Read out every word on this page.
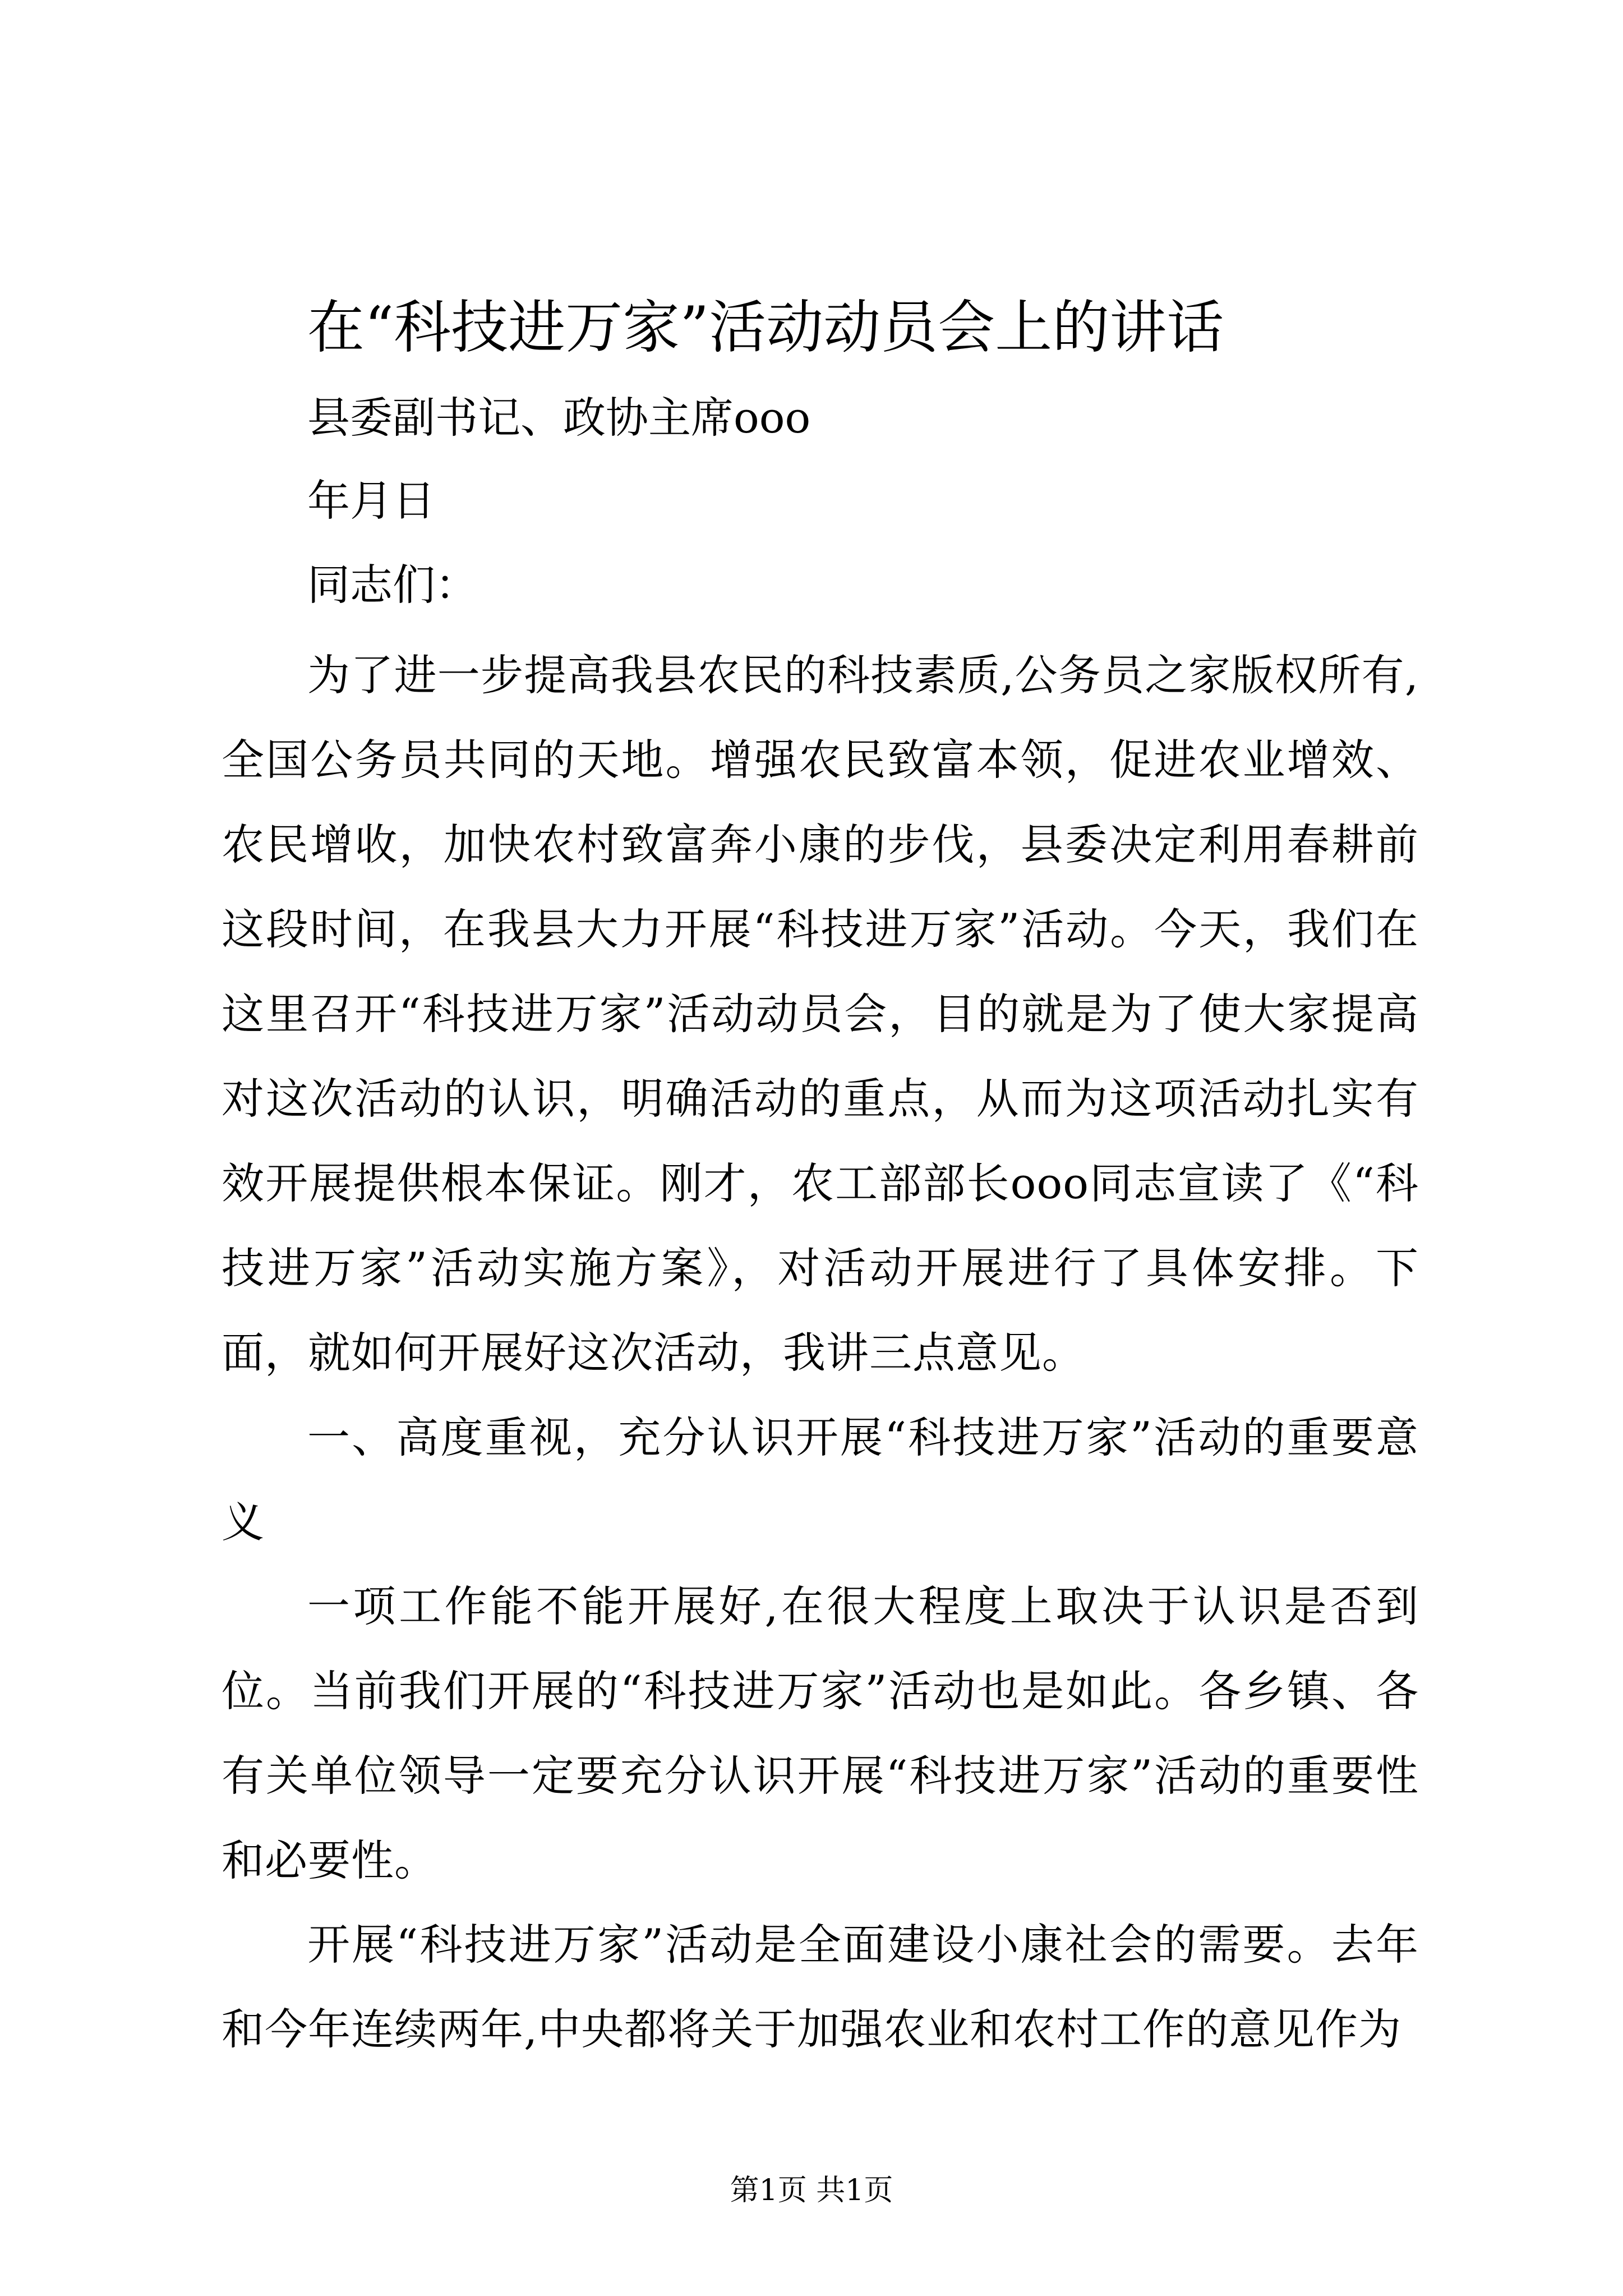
在“科技进万家”活动动员会上的讲话

县委副书记、政协主席ooo

年月日

同志们：

为了进一步提高我县农民的科技素质,公务员之家版权所有,全国公务员共同的天地。增强农民致富本领，促进农业增效、农民增收，加快农村致富奔小康的步伐，县委决定利用春耕前这段时间，在我县大力开展“科技进万家”活动。今天，我们在这里召开“科技进万家”活动动员会，目的就是为了使大家提高对这次活动的认识，明确活动的重点，从而为这项活动扎实有效开展提供根本保证。刚才，农工部部长ooo同志宣读了《“科技进万家”活动实施方案》，对活动开展进行了具体安排。下面，就如何开展好这次活动，我讲三点意见。

一、高度重视，充分认识开展“科技进万家”活动的重要意义

一项工作能不能开展好,在很大程度上取决于认识是否到位。当前我们开展的“科技进万家”活动也是如此。各乡镇、各有关单位领导一定要充分认识开展“科技进万家”活动的重要性和必要性。

开展“科技进万家”活动是全面建设小康社会的需要。去年和今年连续两年,中央都将关于加强农业和农村工作的意见作为

第1页 共1页
